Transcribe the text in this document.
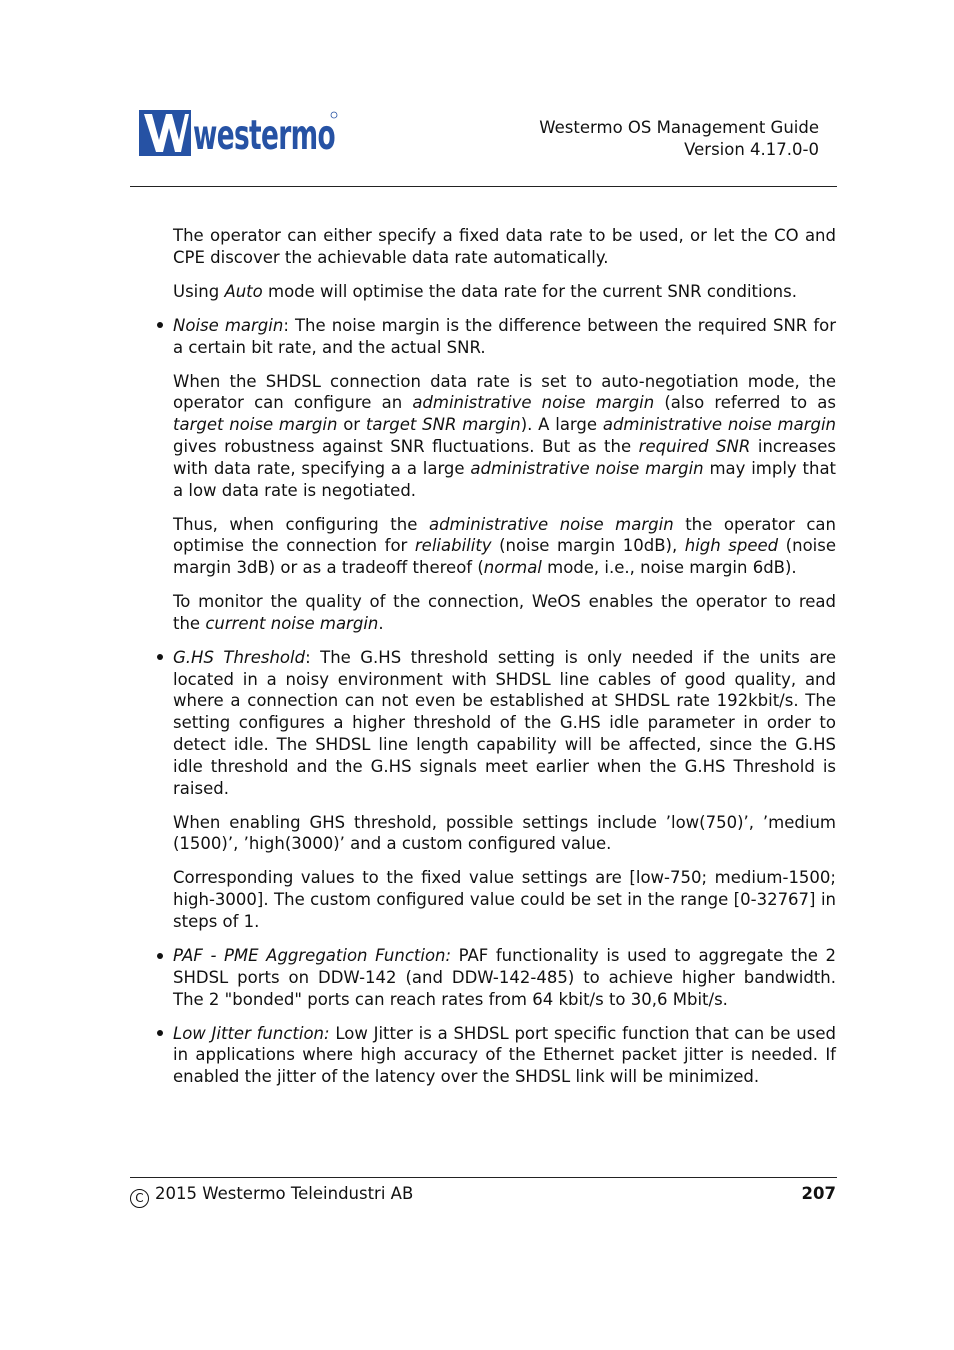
westermo	Westermo OS Management Guide
Version 4.17.0-0

The operator can either specify a fixed data rate to be used, or let the CO and CPE discover the achievable data rate automatically.

Using Auto mode will optimise the data rate for the current SNR conditions.

Noise margin: The noise margin is the difference between the required SNR for a certain bit rate, and the actual SNR.

When the SHDSL connection data rate is set to auto-negotiation mode, the operator can configure an administrative noise margin (also referred to as target noise margin or target SNR margin). A large administrative noise margin gives robustness against SNR fluctuations. But as the required SNR increases with data rate, specifying a a large administrative noise margin may imply that a low data rate is negotiated.

Thus, when configuring the administrative noise margin the operator can optimise the connection for reliability (noise margin 10dB), high speed (noise margin 3dB) or as a tradeoff thereof (normal mode, i.e., noise margin 6dB).

To monitor the quality of the connection, WeOS enables the operator to read the current noise margin.

G.HS Threshold: The G.HS threshold setting is only needed if the units are located in a noisy environment with SHDSL line cables of good quality, and where a connection can not even be established at SHDSL rate 192kbit/s. The setting configures a higher threshold of the G.HS idle parameter in order to detect idle. The SHDSL line length capability will be affected, since the G.HS idle threshold and the G.HS signals meet earlier when the G.HS Threshold is raised.

When enabling GHS threshold, possible settings include ’low(750)’, ’medium (1500)’, ’high(3000)’ and a custom configured value.

Corresponding values to the fixed value settings are [low-750; medium-1500; high-3000]. The custom configured value could be set in the range [0-32767] in steps of 1.

PAF - PME Aggregation Function: PAF functionality is used to aggregate the 2 SHDSL ports on DDW-142 (and DDW-142-485) to achieve higher bandwidth. The 2 "bonded" ports can reach rates from 64 kbit/s to 30,6 Mbit/s.

Low Jitter function: Low Jitter is a SHDSL port specific function that can be used in applications where high accuracy of the Ethernet packet jitter is needed. If enabled the jitter of the latency over the SHDSL link will be minimized.

C 2015 Westermo Teleindustri AB	207
